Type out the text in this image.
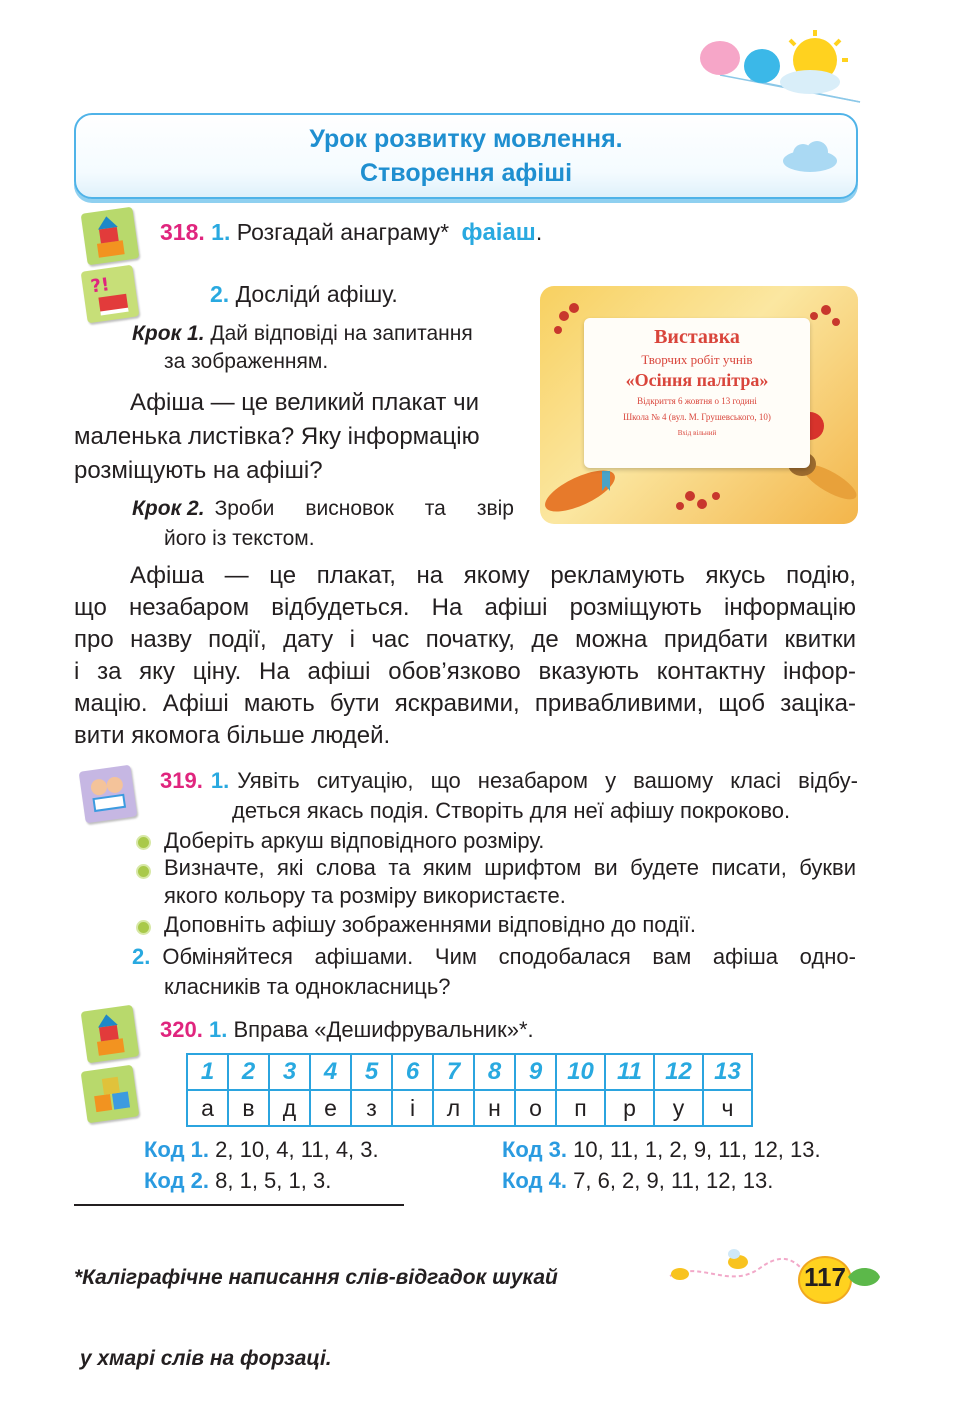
Урок розвитку мовлення.
Створення афіші
?!
318. 1. Розгадай анаграму* фаіаш.
2. Досліди́ афішу.
Крок 1. Дай відповіді на запитання
за зображенням.
Афіша — це великий плакат чи
маленька листівка? Яку інформацію
розміщують на афіші?
Крок 2. Зроби висновок та звір
його із текстом.
Виставка
Творчих робіт учнів
«Осіння палітра»
Відкриття 6 жовтня о 13 годині
Школа № 4 (вул. М. Грушевського, 10)
Вхід вільний
Афіша — це плакат, на якому рекламують якусь подію,
що незабаром відбудеться. На афіші розміщують інформацію
про назву події, дату і час початку, де можна придбати квитки
і за яку ціну. На афіші обов’язково вказують контактну інфор-
мацію. Афіші мають бути яскравими, привабливими, щоб заціка-
вити якомога більше людей.
319. 1. Уявіть ситуацію, що незабаром у вашому класі відбу-
деться якась подія. Створіть для неї афішу покроково.
Доберіть аркуш відповідного розміру.
Визначте, які слова та яким шрифтом ви будете писати, букви
якого кольору та розміру використаєте.
Доповніть афішу зображеннями відповідно до події.
2. Обміняйтеся афішами. Чим сподобалася вам афіша одно-
класників та однокласниць?
320. 1. Вправа «Дешифрувальник»*.
1	2	3	4	5	6	7	8	9	10	11	12	13
а	в	д	е	з	і	л	н	о	п	р	у	ч
Код 1. 2, 10, 4, 11, 4, 3.
Код 2. 8, 1, 5, 1, 3.
Код 3. 10, 11, 1, 2, 9, 11, 12, 13.
Код 4. 7, 6, 2, 9, 11, 12, 13.

*Каліграфічне написання слів-відгадок шукай

у хмарі слів на форзаці.

117
